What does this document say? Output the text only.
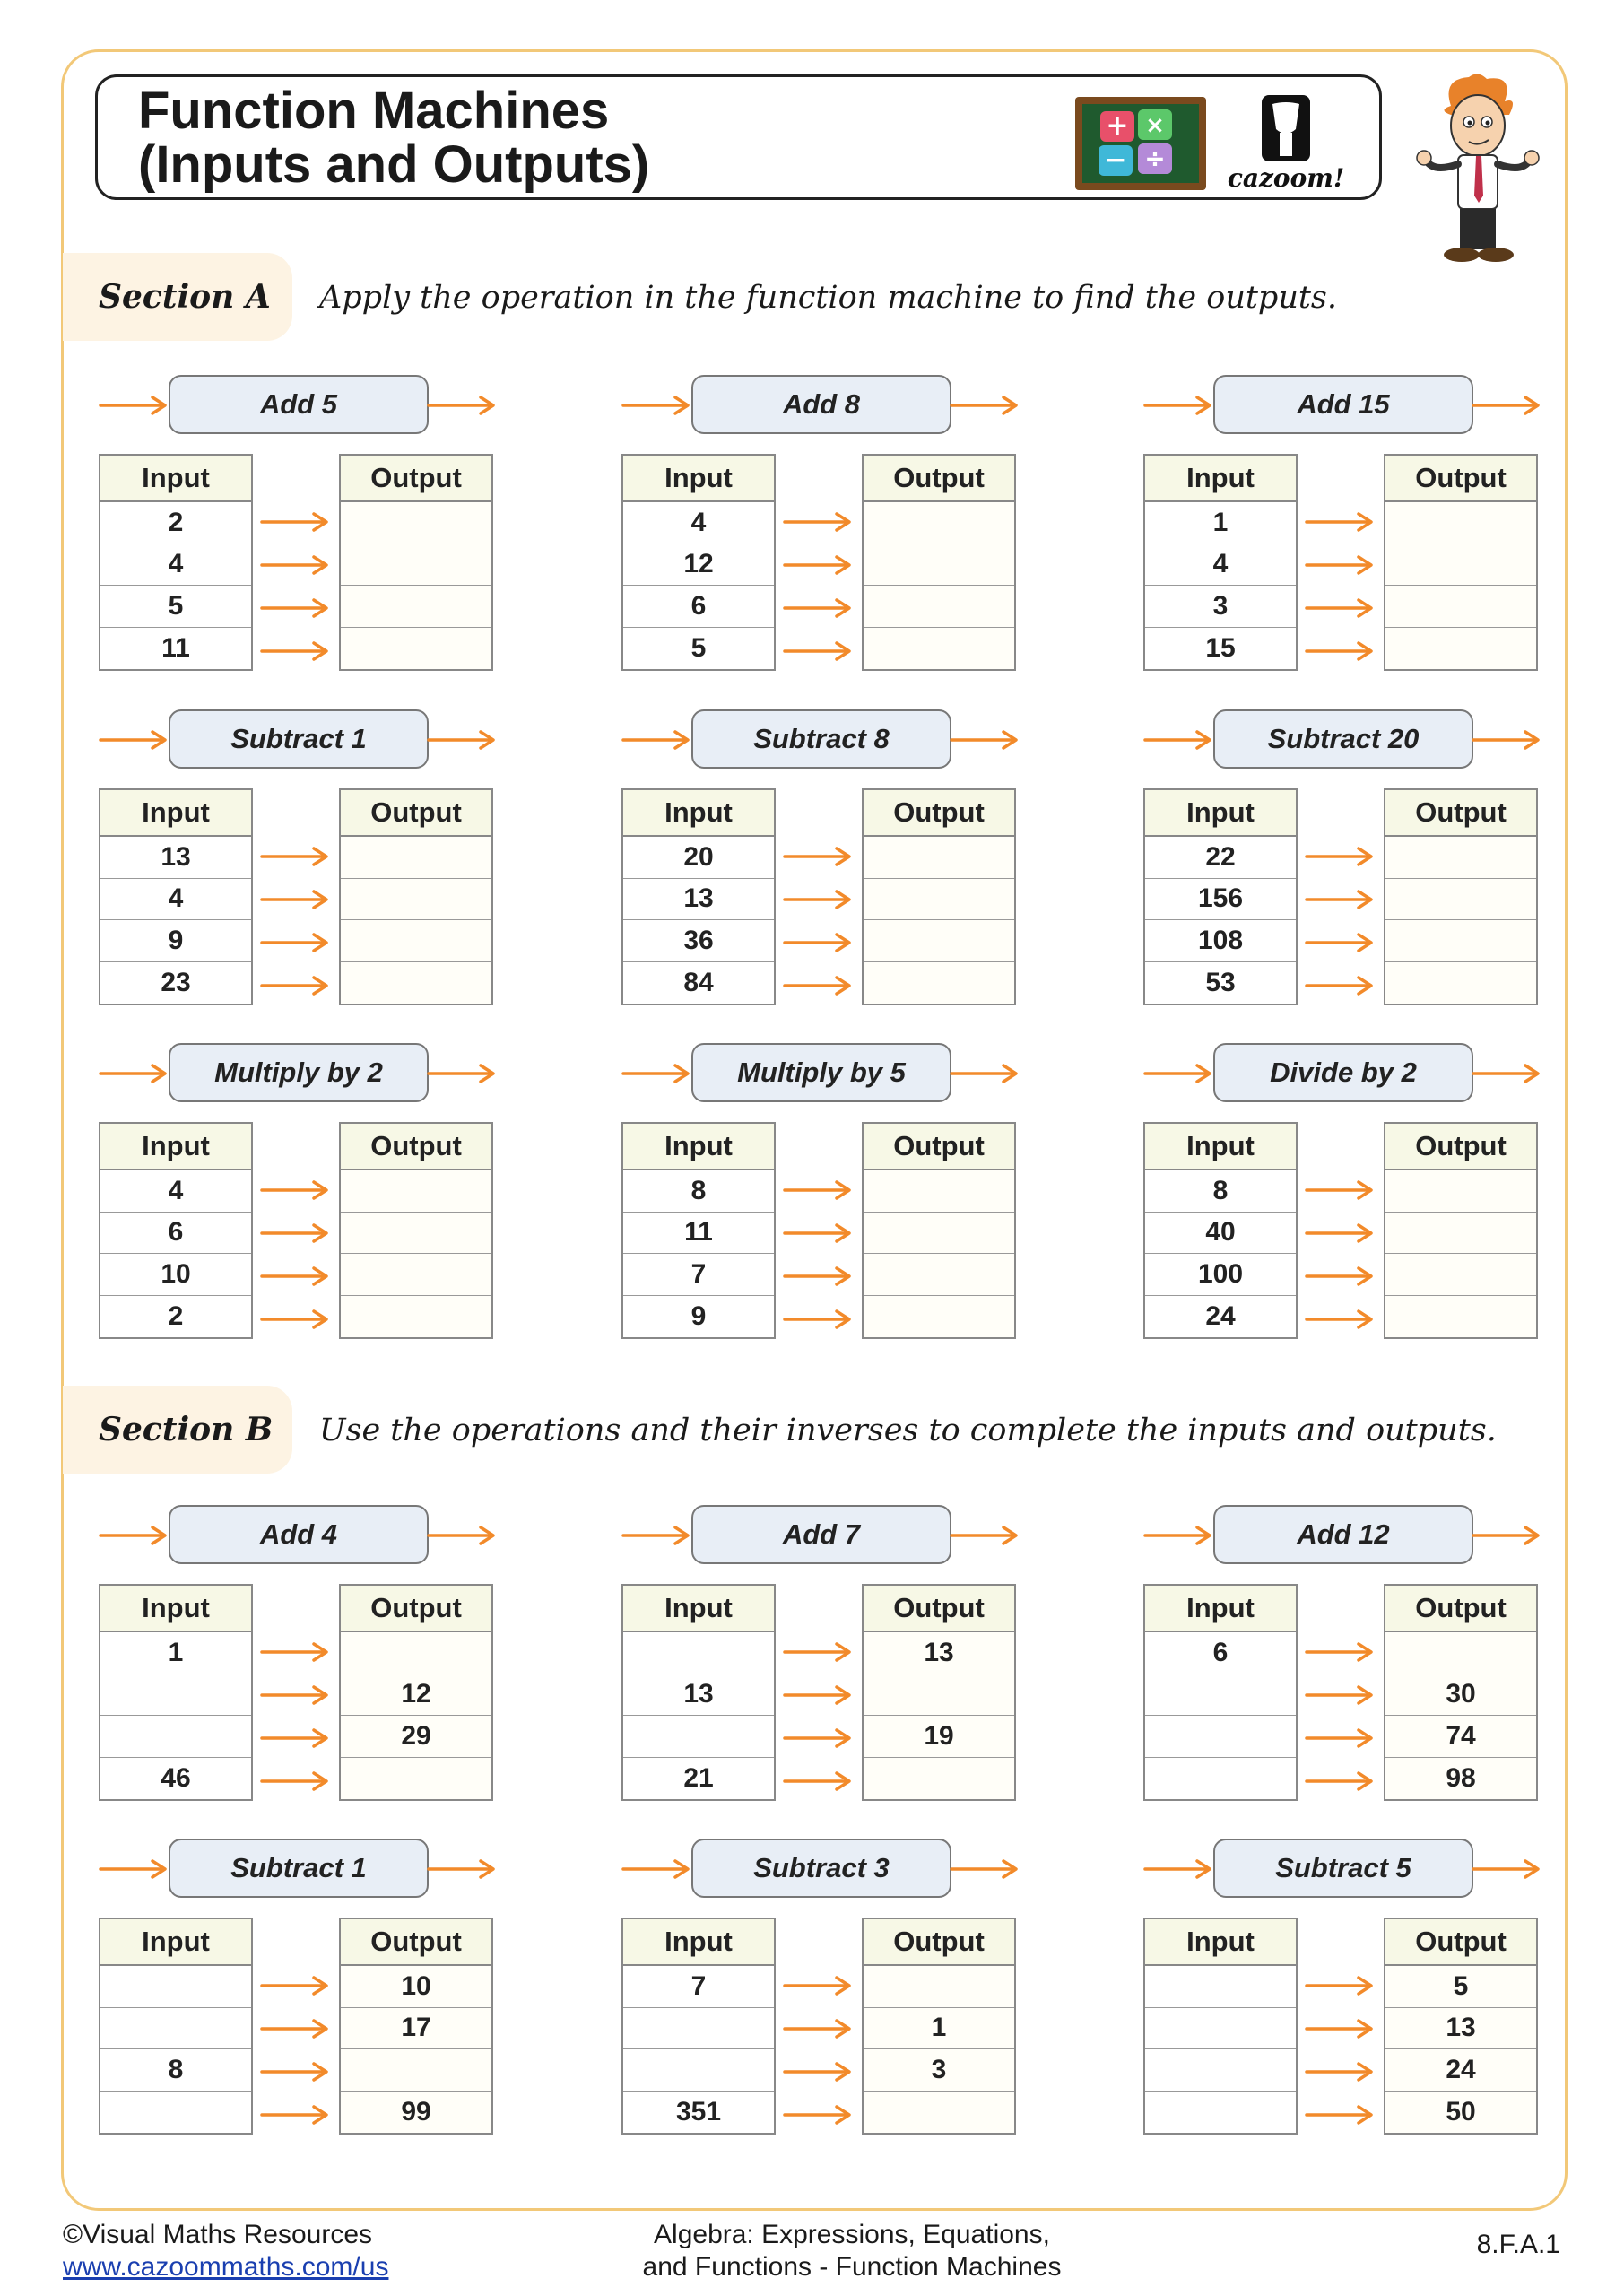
Function Machines
(Inputs and Outputs)
+ ×
− ÷
cazoom!
Section A Apply the operation in the function machine to find the outputs.
Add 5
Input
2
4
5
11
Output
Add 8
Input
4
12
6
5
Output
Add 15
Input
1
4
3
15
Output
Subtract 1
Input
13
4
9
23
Output
Subtract 8
Input
20
13
36
84
Output
Subtract 20
Input
22
156
108
53
Output
Multiply by 2
Input
4
6
10
2
Output
Multiply by 5
Input
8
11
7
9
Output
Divide by 2
Input
8
40
100
24
Output
Section B Use the operations and their inverses to complete the inputs and outputs.
Add 4
Input
1
46
Output
12
29
Add 7
Input
13
21
Output
13
19
Add 12
Input
6
Output
30
74
98
Subtract 1
Input
8
Output
10
17
99
Subtract 3
Input
7
351
Output
1
3
Subtract 5
Input	Output
5
13
24
50
©Visual Maths Resources
www.cazoommaths.com/us
Algebra: Expressions, Equations,
and Functions - Function Machines
8.F.A.1
